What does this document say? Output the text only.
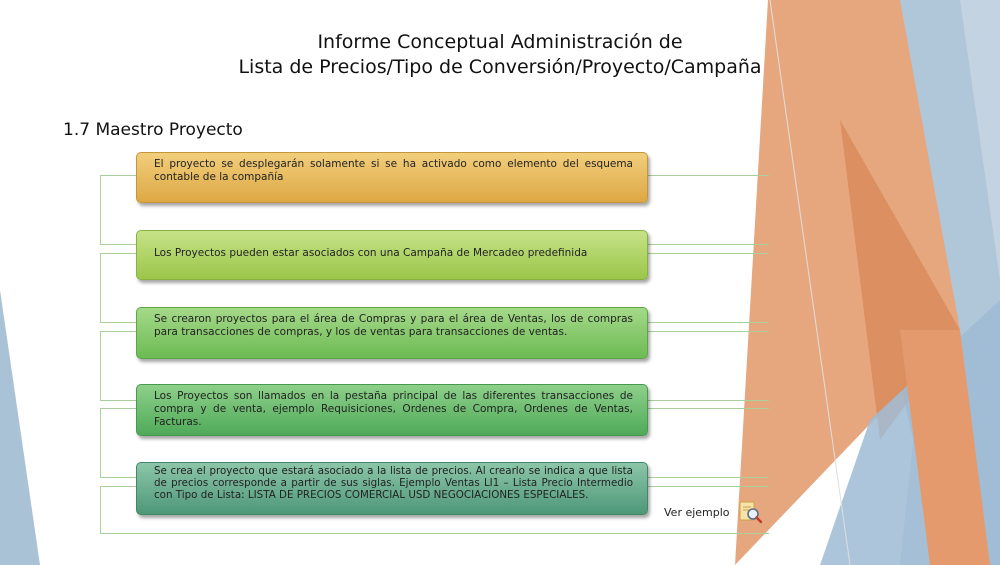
Informe Conceptual Administración de
Lista de Precios/Tipo de Conversión/Proyecto/Campaña
1.7 Maestro Proyecto
El proyecto se desplegarán solamente si se ha activado como elemento del esquema contable de la compañía
Los Proyectos pueden estar asociados con una Campaña de Mercadeo predefinida
Se crearon proyectos para el área de Compras y para el área de Ventas, los de compras para transacciones de compras, y los de ventas para transacciones de ventas.
Los Proyectos son llamados en la pestaña principal de las diferentes transacciones de compra y de venta, ejemplo Requisiciones, Ordenes de Compra, Ordenes de Ventas, Facturas.
Se crea el proyecto que estará asociado a la lista de precios. Al crearlo se indica a que lista de precios corresponde a partir de sus siglas. Ejemplo Ventas LI1 – Lista Precio Intermedio con Tipo de Lista: LISTA DE PRECIOS COMERCIAL USD NEGOCIACIONES ESPECIALES.
Ver ejemplo
